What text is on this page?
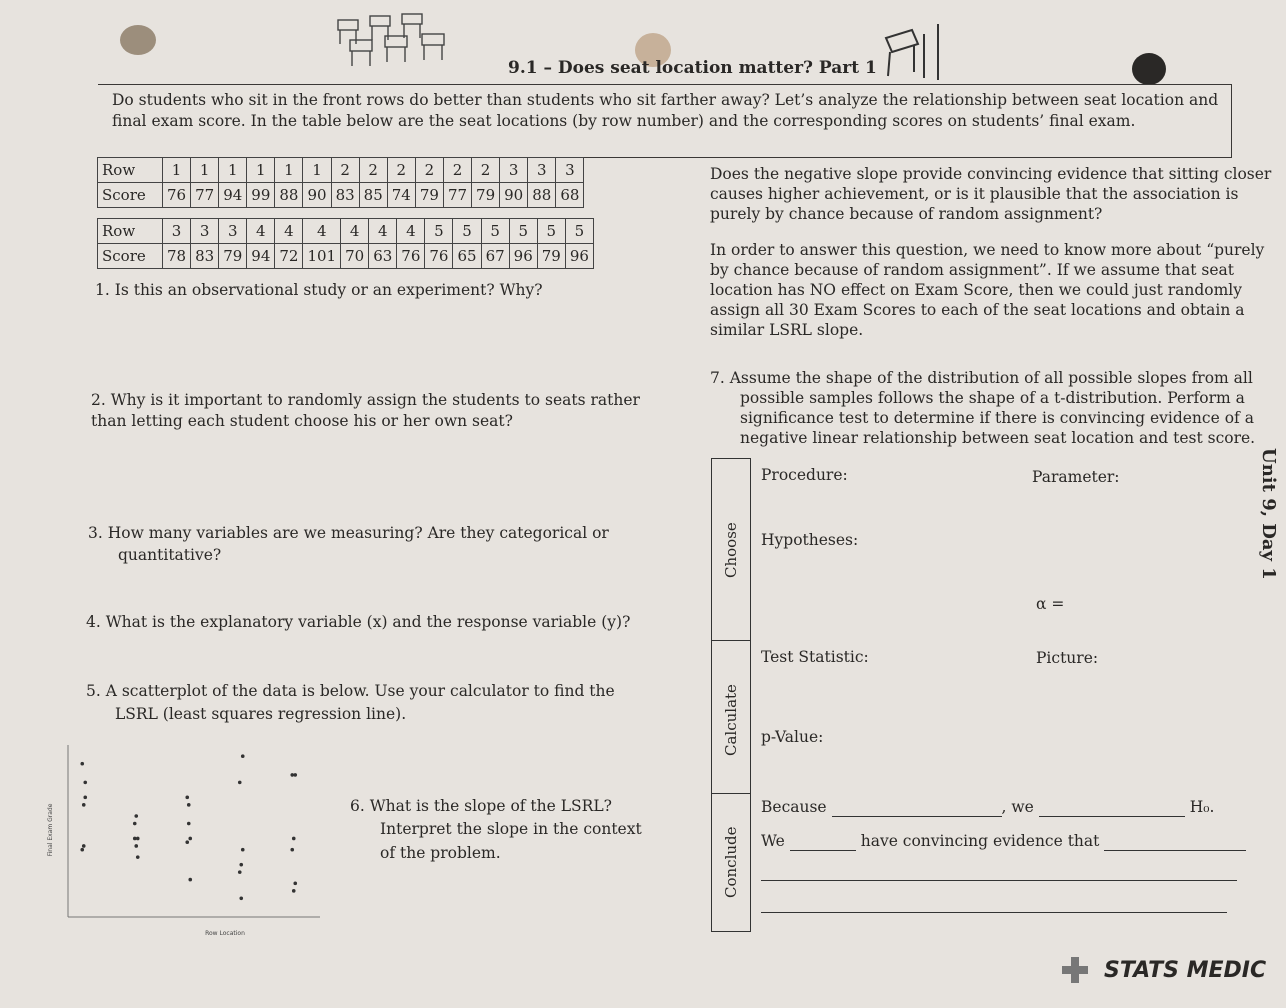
9.1 – Does seat location matter? Part 1
Do students who sit in the front rows do better than students who sit farther away? Let’s analyze the relationship between seat location and final exam score. In the table below are the seat locations (by row number) and the corresponding scores on students’ final exam.
Row	1	1	1	1	1	1	2	2	2	2	2	2	3	3	3
Score	76	77	94	99	88	90	83	85	74	79	77	79	90	88	68
Row	3	3	3	4	4	4	4	4	4	5	5	5	5	5	5
Score	78	83	79	94	72	101	70	63	76	76	65	67	96	79	96
1. Is this an observational study or an experiment? Why?
2. Why is it important to randomly assign the students to seats rather
than letting each student choose his or her own seat?
3. How many variables are we measuring? Are they categorical or
quantitative?
4. What is the explanatory variable (x) and the response variable (y)?
5. A scatterplot of the data is below. Use your calculator to find the
LSRL (least squares regression line).
6. What is the slope of the LSRL?
Interpret the slope in the context
of the problem.
Row Location
Final Exam Grade
Does the negative slope provide convincing evidence that sitting closer
causes higher achievement, or is it plausible that the association is
purely by chance because of random assignment?
In order to answer this question, we need to know more about “purely
by chance because of random assignment”. If we assume that seat
location has NO effect on Exam Score, then we could just randomly
assign all 30 Exam Scores to each of the seat locations and obtain a
similar LSRL slope.
7. Assume the shape of the distribution of all possible slopes from all
possible samples follows the shape of a t-distribution. Perform a
significance test to determine if there is convincing evidence of a
negative linear relationship between seat location and test score.
Choose
Calculate
Conclude
Procedure:	Parameter:
Hypotheses:
α =
Test Statistic:	Picture:
p-Value:
Because	, we	H₀.
We	have convincing evidence that
Unit 9, Day 1
STATS MEDIC
